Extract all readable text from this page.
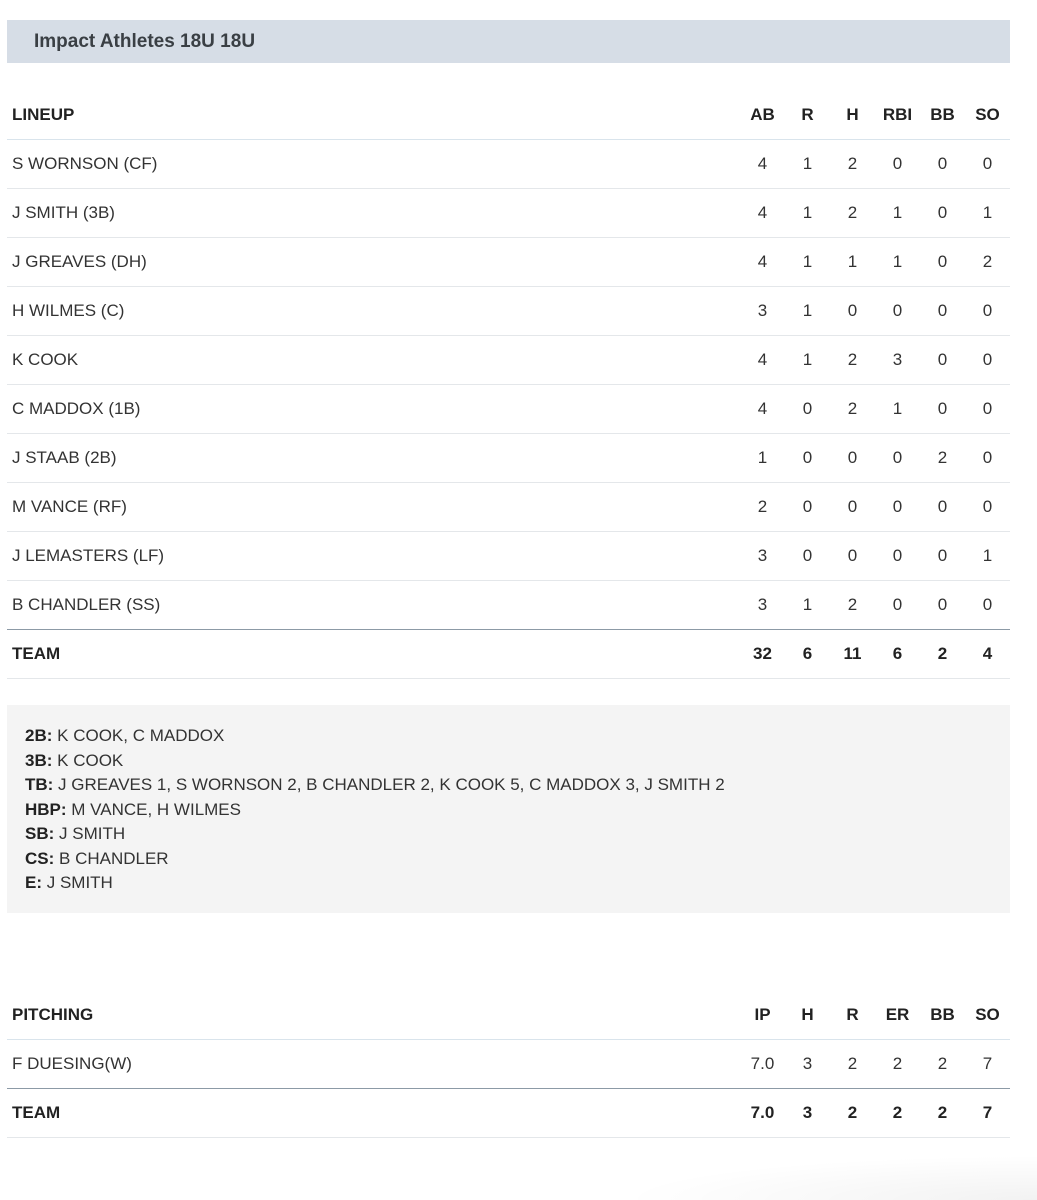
Impact Athletes 18U 18U
LINEUP	AB	R	H	RBI	BB	SO
S WORNSON (CF)	4	1	2	0	0	0
J SMITH (3B)	4	1	2	1	0	1
J GREAVES (DH)	4	1	1	1	0	2
H WILMES (C)	3	1	0	0	0	0
K COOK	4	1	2	3	0	0
C MADDOX (1B)	4	0	2	1	0	0
J STAAB (2B)	1	0	0	0	2	0
M VANCE (RF)	2	0	0	0	0	0
J LEMASTERS (LF)	3	0	0	0	0	1
B CHANDLER (SS)	3	1	2	0	0	0
TEAM	32	6	11	6	2	4
2B: K COOK, C MADDOX
3B: K COOK
TB: J GREAVES 1, S WORNSON 2, B CHANDLER 2, K COOK 5, C MADDOX 3, J SMITH 2
HBP: M VANCE, H WILMES
SB: J SMITH
CS: B CHANDLER
E: J SMITH
PITCHING	IP	H	R	ER	BB	SO
F DUESING(W)	7.0	3	2	2	2	7
TEAM	7.0	3	2	2	2	7
